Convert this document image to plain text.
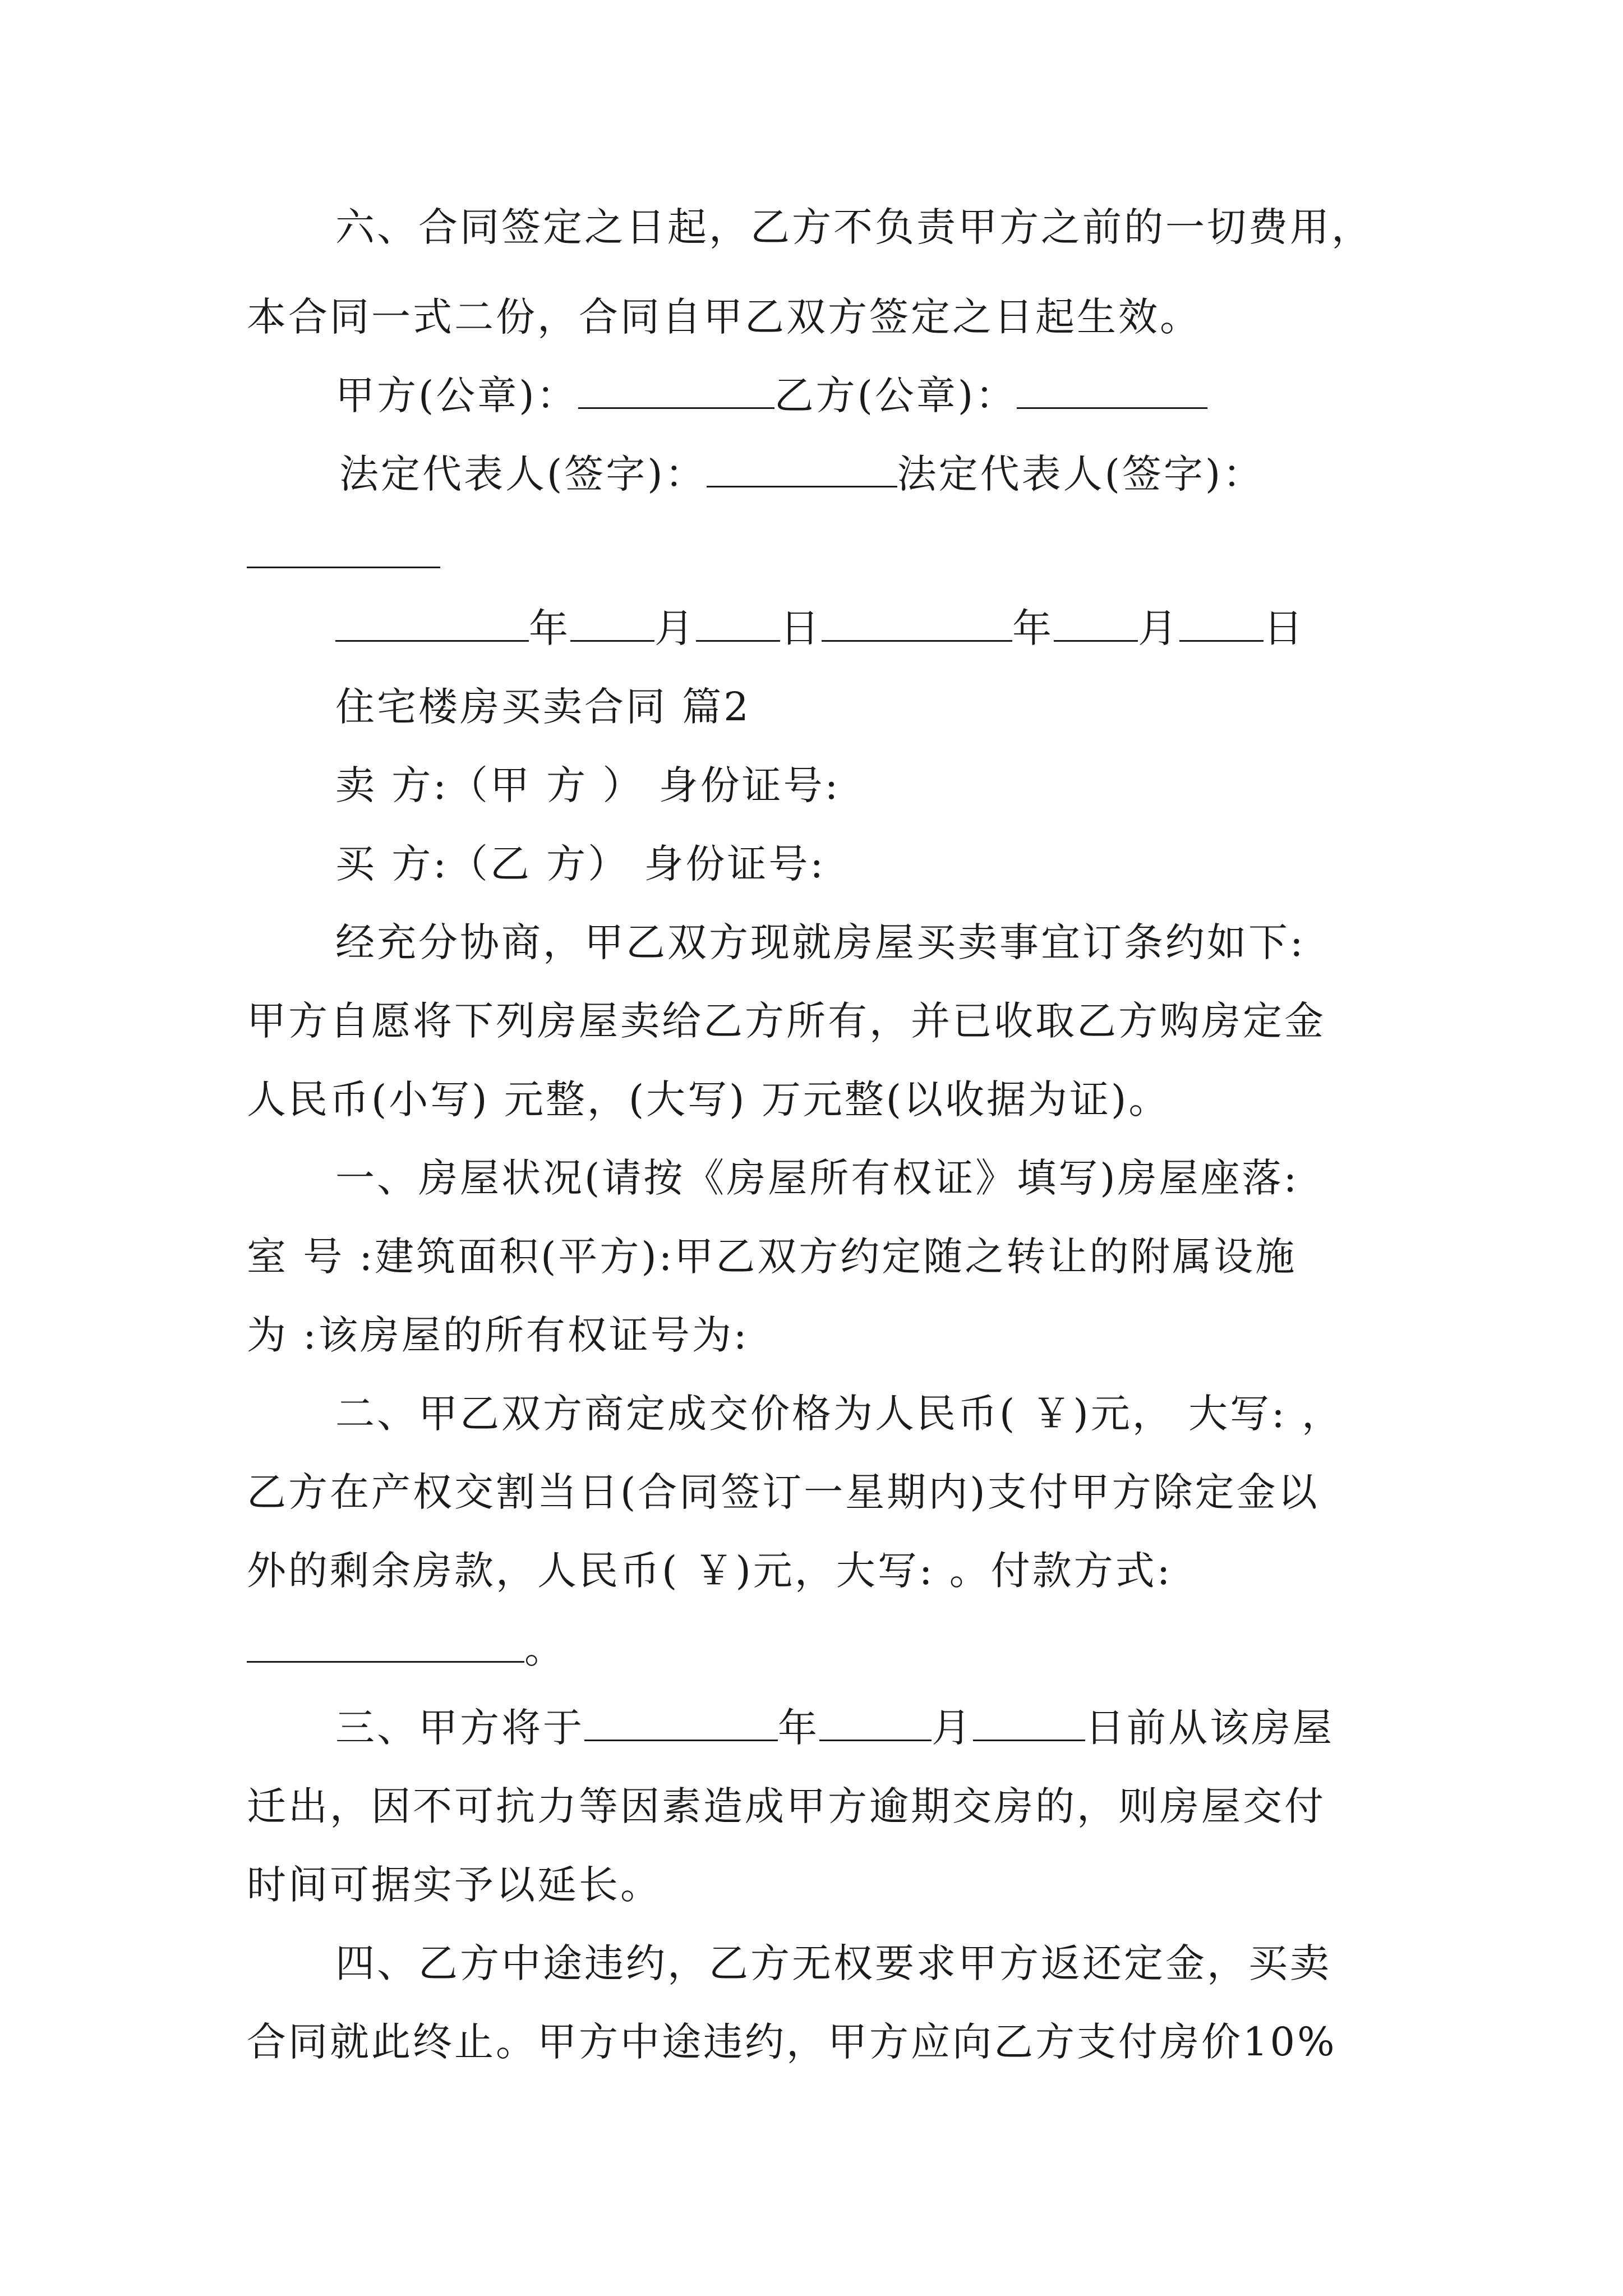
六、合同签定之日起，乙方不负责甲方之前的一切费用，
本合同一式二份，合同自甲乙双方签定之日起生效。
甲方(公章)：	乙方(公章)：
法定代表人(签字)：	法定代表人(签字)：
年 月 日	年 月 日
住宅楼房买卖合同 篇2
卖 方:（甲 方 ） 身份证号:
买 方:（乙 方） 身份证号:
经充分协商，甲乙双方现就房屋买卖事宜订条约如下:
甲方自愿将下列房屋卖给乙方所有，并已收取乙方购房定金
人民币(小写) 元整，(大写) 万元整(以收据为证)。
一、房屋状况(请按《房屋所有权证》填写)房屋座落:
室 号 :建筑面积(平方):甲乙双方约定随之转让的附属设施
为 :该房屋的所有权证号为:
二、甲乙双方商定成交价格为人民币( ￥)元， 大写: ，
乙方在产权交割当日(合同签订一星期内)支付甲方除定金以
外的剩余房款，人民币( ￥)元，大写: 。付款方式:
。
三、甲方将于	年	月	日前从该房屋
迁出，因不可抗力等因素造成甲方逾期交房的，则房屋交付
时间可据实予以延长。
四、乙方中途违约，乙方无权要求甲方返还定金，买卖
合同就此终止。甲方中途违约，甲方应向乙方支付房价10%
